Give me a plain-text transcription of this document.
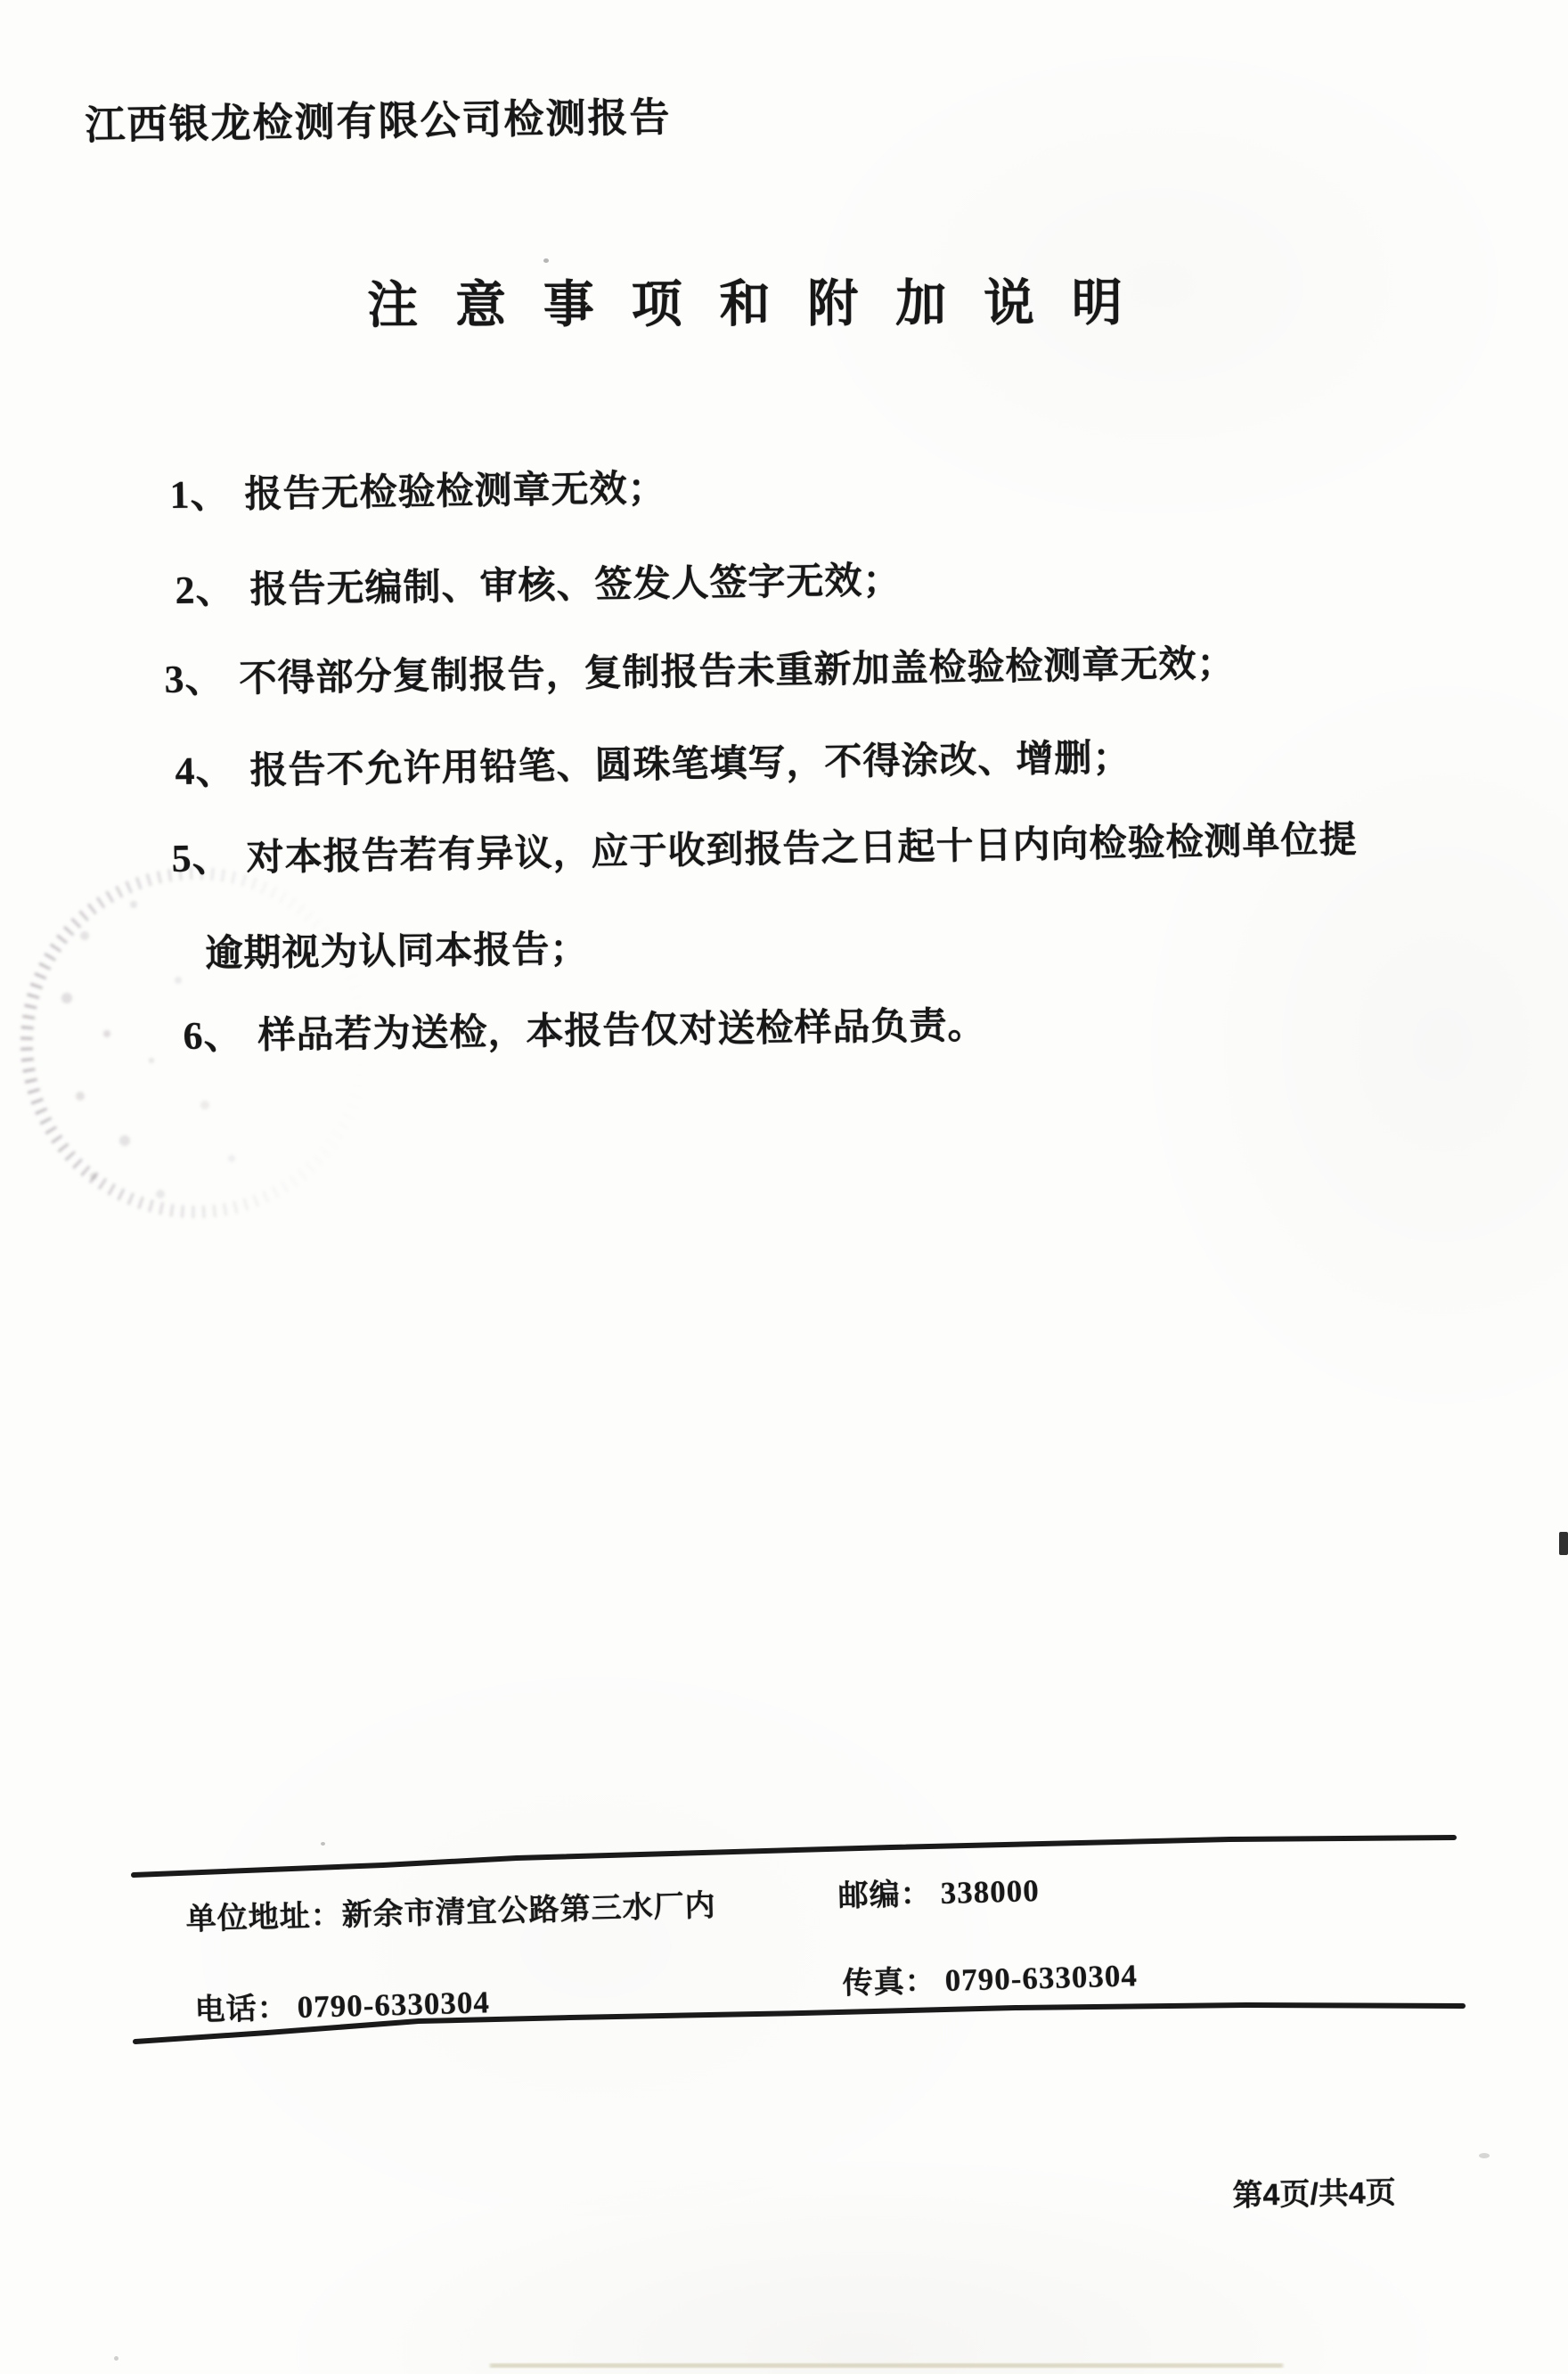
江西银龙检测有限公司检测报告
注 意 事 项 和 附 加 说 明
1、 报告无检验检测章无效；
2、 报告无编制、审核、签发人签字无效；
3、 不得部分复制报告，复制报告未重新加盖检验检测章无效；
4、 报告不允许用铅笔、圆珠笔填写，不得涂改、增删；
5、 对本报告若有异议，应于收到报告之日起十日内向检验检测单位提
逾期视为认同本报告；
6、 样品若为送检，本报告仅对送检样品负责。
单位地址：新余市清宜公路第三水厂内	邮编： 338000
电话： 0790-6330304
传真： 0790-6330304
第4页/共4页
